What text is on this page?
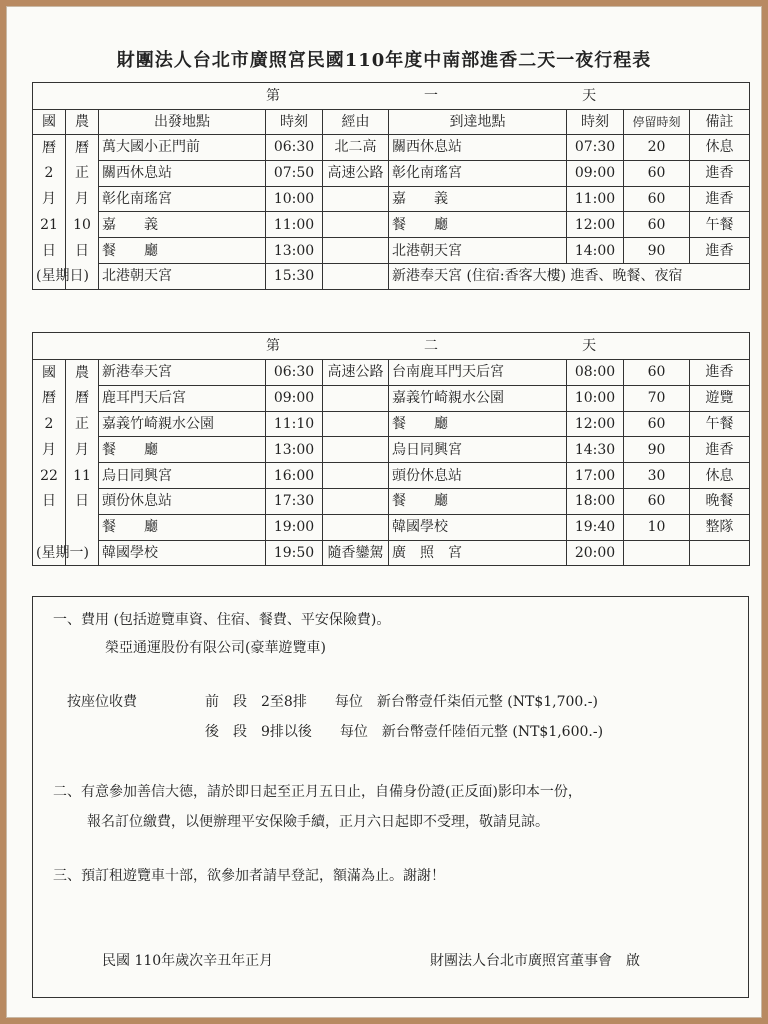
財團法人台北市廣照宮民國110年度中南部進香二天一夜行程表
第 一 天								

國	農	出發地點	時刻	經由	到達地點	時刻	停留時刻	備註
曆	曆	萬大國小正門前	06:30	北二高	關西休息站	07:30	20	休息
2	正	關西休息站	07:50	高速公路	彰化南瑤宮	09:00	60	進香
月	月	彰化南瑤宮	10:00		嘉　　義	11:00	60	進香
21	10	嘉　　義	11:00		餐　　廳	12:00	60	午餐
日	日	餐　　廳	13:00		北港朝天宮	14:00	90	進香
(星期日)		北港朝天宮	15:30		新港奉天宮 (住宿:香客大樓) 進香、晚餐、夜宿			
第 二 天								

國	農	新港奉天宮	06:30	高速公路	台南鹿耳門天后宮	08:00	60	進香
曆	曆	鹿耳門天后宮	09:00		嘉義竹崎親水公園	10:00	70	遊覽
2	正	嘉義竹崎親水公園	11:10		餐　　廳	12:00	60	午餐
月	月	餐　　廳	13:00		烏日同興宮	14:30	90	進香
22	11	烏日同興宮	16:00		頭份休息站	17:00	30	休息
日	日	頭份休息站	17:30		餐　　廳	18:00	60	晚餐
		餐　　廳	19:00		韓國學校	19:40	10	整隊
(星期一)		韓國學校	19:50	隨香鑾駕	廣　照　宮	20:00		

一、費用 (包括遊覽車資、住宿、餐費、平安保險費)。

榮亞通運股份有限公司(豪華遊覽車)

按座位收費	前　段　2至8排　　每位　新台幣壹仟柒佰元整 (NT$1,700.-)

後　段　9排以後　　每位　新台幣壹仟陸佰元整 (NT$1,600.-)

二、有意參加善信大德，請於即日起至正月五日止，自備身份證(正反面)影印本一份，

報名訂位繳費，以便辦理平安保險手續，正月六日起即不受理，敬請見諒。

三、預訂租遊覽車十部，欲參加者請早登記，額滿為止。謝謝！

民國 110年歲次辛丑年正月	財團法人台北市廣照宮董事會　啟
